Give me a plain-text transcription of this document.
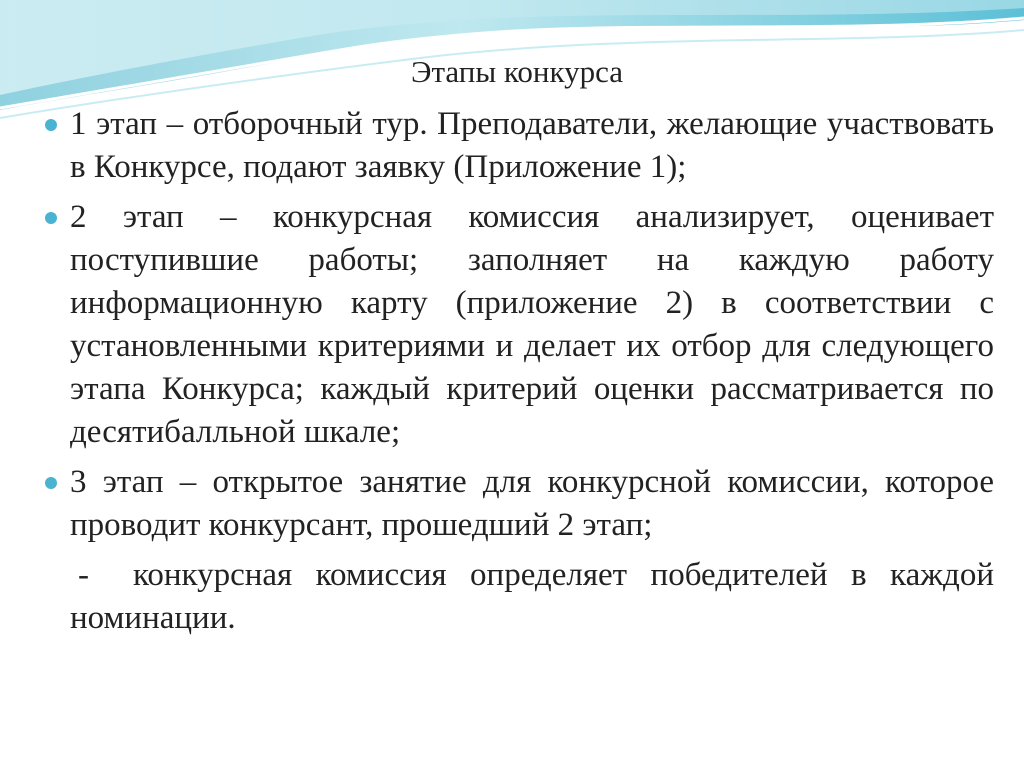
Этапы конкурса
1 этап – отборочный тур. Преподаватели, желающие участвовать в Конкурсе, подают заявку (Приложение 1);
2 этап – конкурсная комиссия анализирует, оценивает поступившие работы; заполняет на каждую работу информационную карту (приложение 2) в соответствии с установленными критериями и делает их отбор для следующего этапа Конкурса; каждый критерий оценки рассматривается по десятибалльной шкале;
3 этап – открытое занятие для конкурсной комиссии, которое проводит конкурсант, прошедший 2 этап;
- конкурсная комиссия определяет победителей в каждой номинации.
